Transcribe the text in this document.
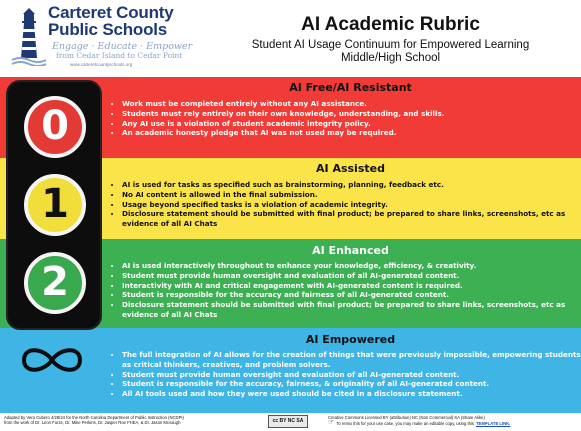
Carteret County
Public Schools
Engage · Educate · Empower
from Cedar Island to Cedar Point
www.carteretcountyschools.org
AI Academic Rubric
Student AI Usage Continuum for Empowered Learning
Middle/High School
AI Free/AI Resistant
• Work must be completed entirely without any AI assistance.
• Students must rely entirely on their own knowledge, understanding, and skills.
• Any AI use is a violation of student academic integrity policy.
• An academic honesty pledge that AI was not used may be required.
AI Assisted
• AI is used for tasks as specified such as brainstorming, planning, feedback etc.
• No AI content is allowed in the final submission.
• Usage beyond specified tasks is a violation of academic integrity.
• Disclosure statement should be submitted with final product; be prepared to share links, screenshots, etc as evidence of all AI Chats
AI Enhanced
• AI is used interactively throughout to enhance your knowledge, efficiency, & creativity.
• Student must provide human oversight and evaluation of all AI-generated content.
• Interactivity with AI and critical engagement with AI-generated content is required.
• Student is responsible for the accuracy and fairness of all AI-generated content.
• Disclosure statement should be submitted with final product; be prepared to share links, screenshots, etc as evidence of all AI Chats
AI Empowered
• The full integration of AI allows for the creation of things that were previously impossible, empowering students as critical thinkers, creatives, and problem solvers.
• Student must provide human oversight and evaluation of all AI-generated content.
• Student is responsible for the accuracy, fairness, & originality of all AI-generated content.
• All AI tools used and how they were used should be cited in a disclosure statement.
0
1
2
Adapted by Vera Cubero 4/28/24 for the North Carolina Department of Public Instruction (NCDPI)
from the work of Dr. Leon Furze, Dr. Mike Perkins, Dr. Jasper Roe FHEA, & Dr. Jason Mcvaugh	cc BY NC SA
Creative Commons Licensed BY (attribution) NC (Non Commercial) SA (Share Alike)
☞ To remix this for your use case, you may make an editable copy, using this TEMPLATE LINK.
